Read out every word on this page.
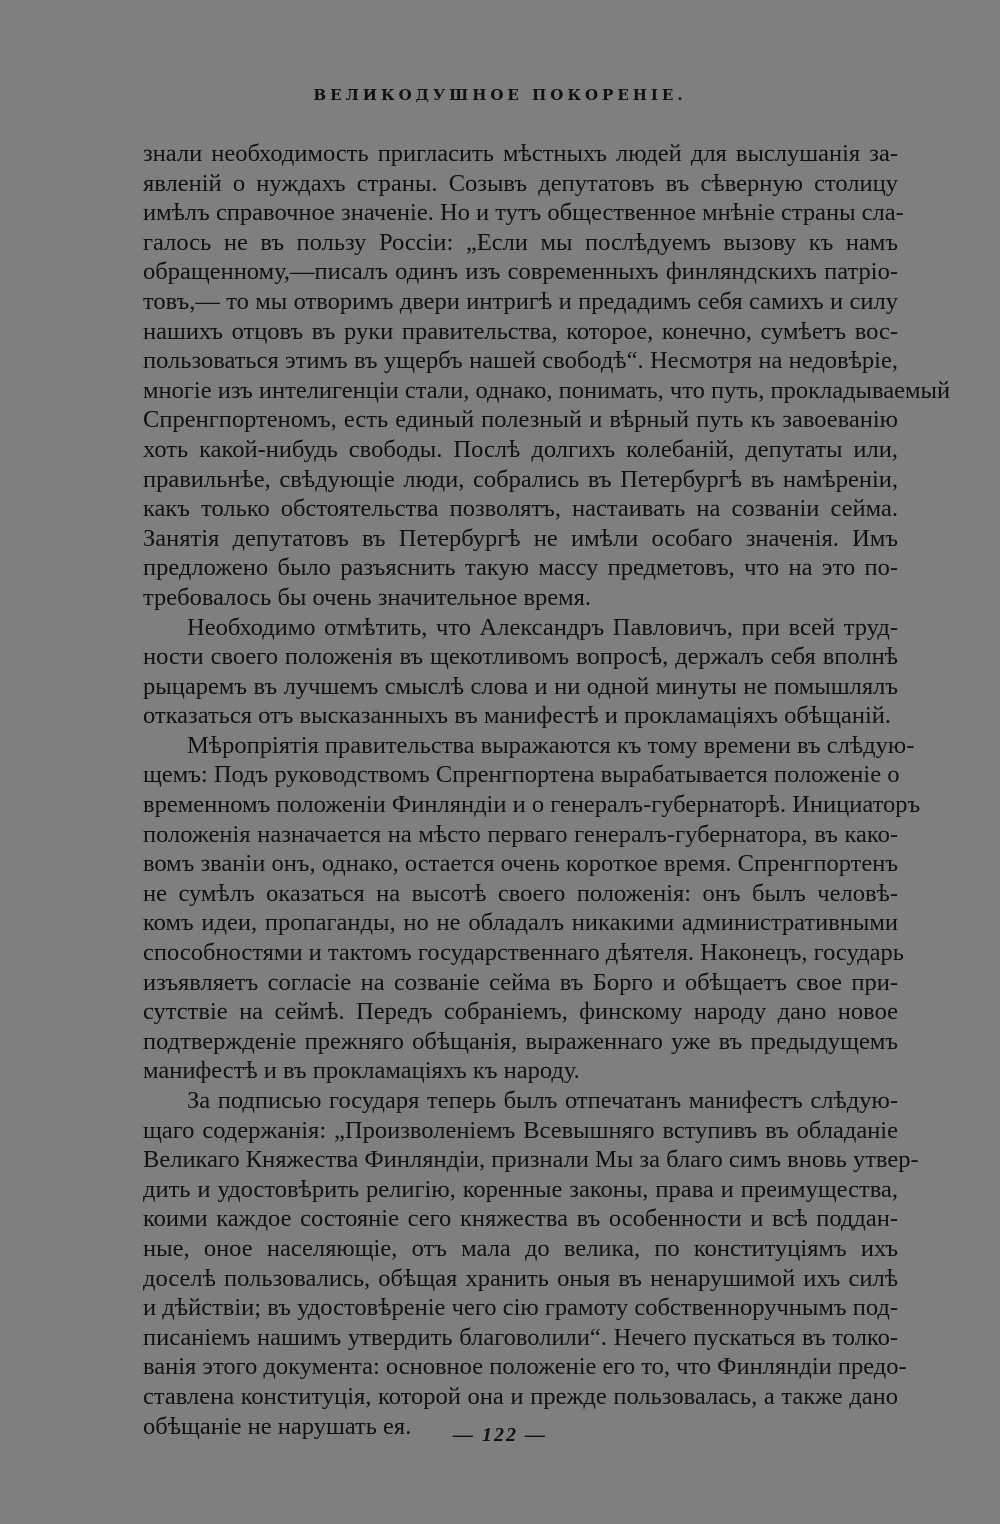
ВЕЛИКОДУШНОЕ ПОКОРЕНІЕ.
знали необходимость пригласить мѣстныхъ людей для выслушанія за-
явленій о нуждахъ страны. Созывъ депутатовъ въ сѣверную столицу
имѣлъ справочное значеніе. Но и тутъ общественное мнѣніе страны сла-
галось не въ пользу Россіи: „Если мы послѣдуемъ вызову къ намъ
обращенному,—писалъ одинъ изъ современныхъ финляндскихъ патріо-
товъ,— то мы отворимъ двери интригѣ и предадимъ себя самихъ и силу
нашихъ отцовъ въ руки правительства, которое, конечно, сумѣетъ вос-
пользоваться этимъ въ ущербъ нашей свободѣ“. Несмотря на недовѣріе,
многіе изъ интелигенціи стали, однако, понимать, что путь, прокладываемый
Спренгпортеномъ, есть единый полезный и вѣрный путь къ завоеванію
хоть какой-нибудь свободы. Послѣ долгихъ колебаній, депутаты или,
правильнѣе, свѣдующіе люди, собрались въ Петербургѣ въ намѣреніи,
какъ только обстоятельства позволятъ, настаивать на созваніи сейма.
Занятія депутатовъ въ Петербургѣ не имѣли особаго значенія. Имъ
предложено было разъяснить такую массу предметовъ, что на это по-
требовалось бы очень значительное время.
Необходимо отмѣтить, что Александръ Павловичъ, при всей труд-
ности своего положенія въ щекотливомъ вопросѣ, держалъ себя вполнѣ
рыцаремъ въ лучшемъ смыслѣ слова и ни одной минуты не помышлялъ
отказаться отъ высказанныхъ въ манифестѣ и прокламаціяхъ обѣщаній.
Мѣропріятія правительства выражаются къ тому времени въ слѣдую-
щемъ: Подъ руководствомъ Спренгпортена вырабатывается положеніе о
временномъ положеніи Финляндіи и о генералъ-губернаторѣ. Инициаторъ
положенія назначается на мѣсто перваго генералъ-губернатора, въ како-
вомъ званіи онъ, однако, остается очень короткое время. Спренгпортенъ
не сумѣлъ оказаться на высотѣ своего положенія: онъ былъ человѣ-
комъ идеи, пропаганды, но не обладалъ никакими административными
способностями и тактомъ государственнаго дѣятеля. Наконецъ, государь
изъявляетъ согласіе на созваніе сейма въ Борго и обѣщаетъ свое при-
сутствіе на сеймѣ. Передъ собраніемъ, финскому народу дано новое
подтвержденіе прежняго обѣщанія, выраженнаго уже въ предыдущемъ
манифестѣ и въ прокламаціяхъ къ народу.
За подписью государя теперь былъ отпечатанъ манифестъ слѣдую-
щаго содержанія: „Произволеніемъ Всевышняго вступивъ въ обладаніе
Великаго Княжества Финляндіи, признали Мы за благо симъ вновь утвер-
дить и удостовѣрить религію, коренные законы, права и преимущества,
коими каждое состояніе сего княжества въ особенности и всѣ поддан-
ные, оное населяющіе, отъ мала до велика, по конституціямъ ихъ
доселѣ пользовались, обѣщая хранить оныя въ ненарушимой ихъ силѣ
и дѣйствіи; въ удостовѣреніе чего сію грамоту собственноручнымъ под-
писаніемъ нашимъ утвердить благоволили“. Нечего пускаться въ толко-
ванія этого документа: основное положеніе его то, что Финляндіи предо-
ставлена конституція, которой она и прежде пользовалась, а также дано
обѣщаніе не нарушать ея.	— 122 —
